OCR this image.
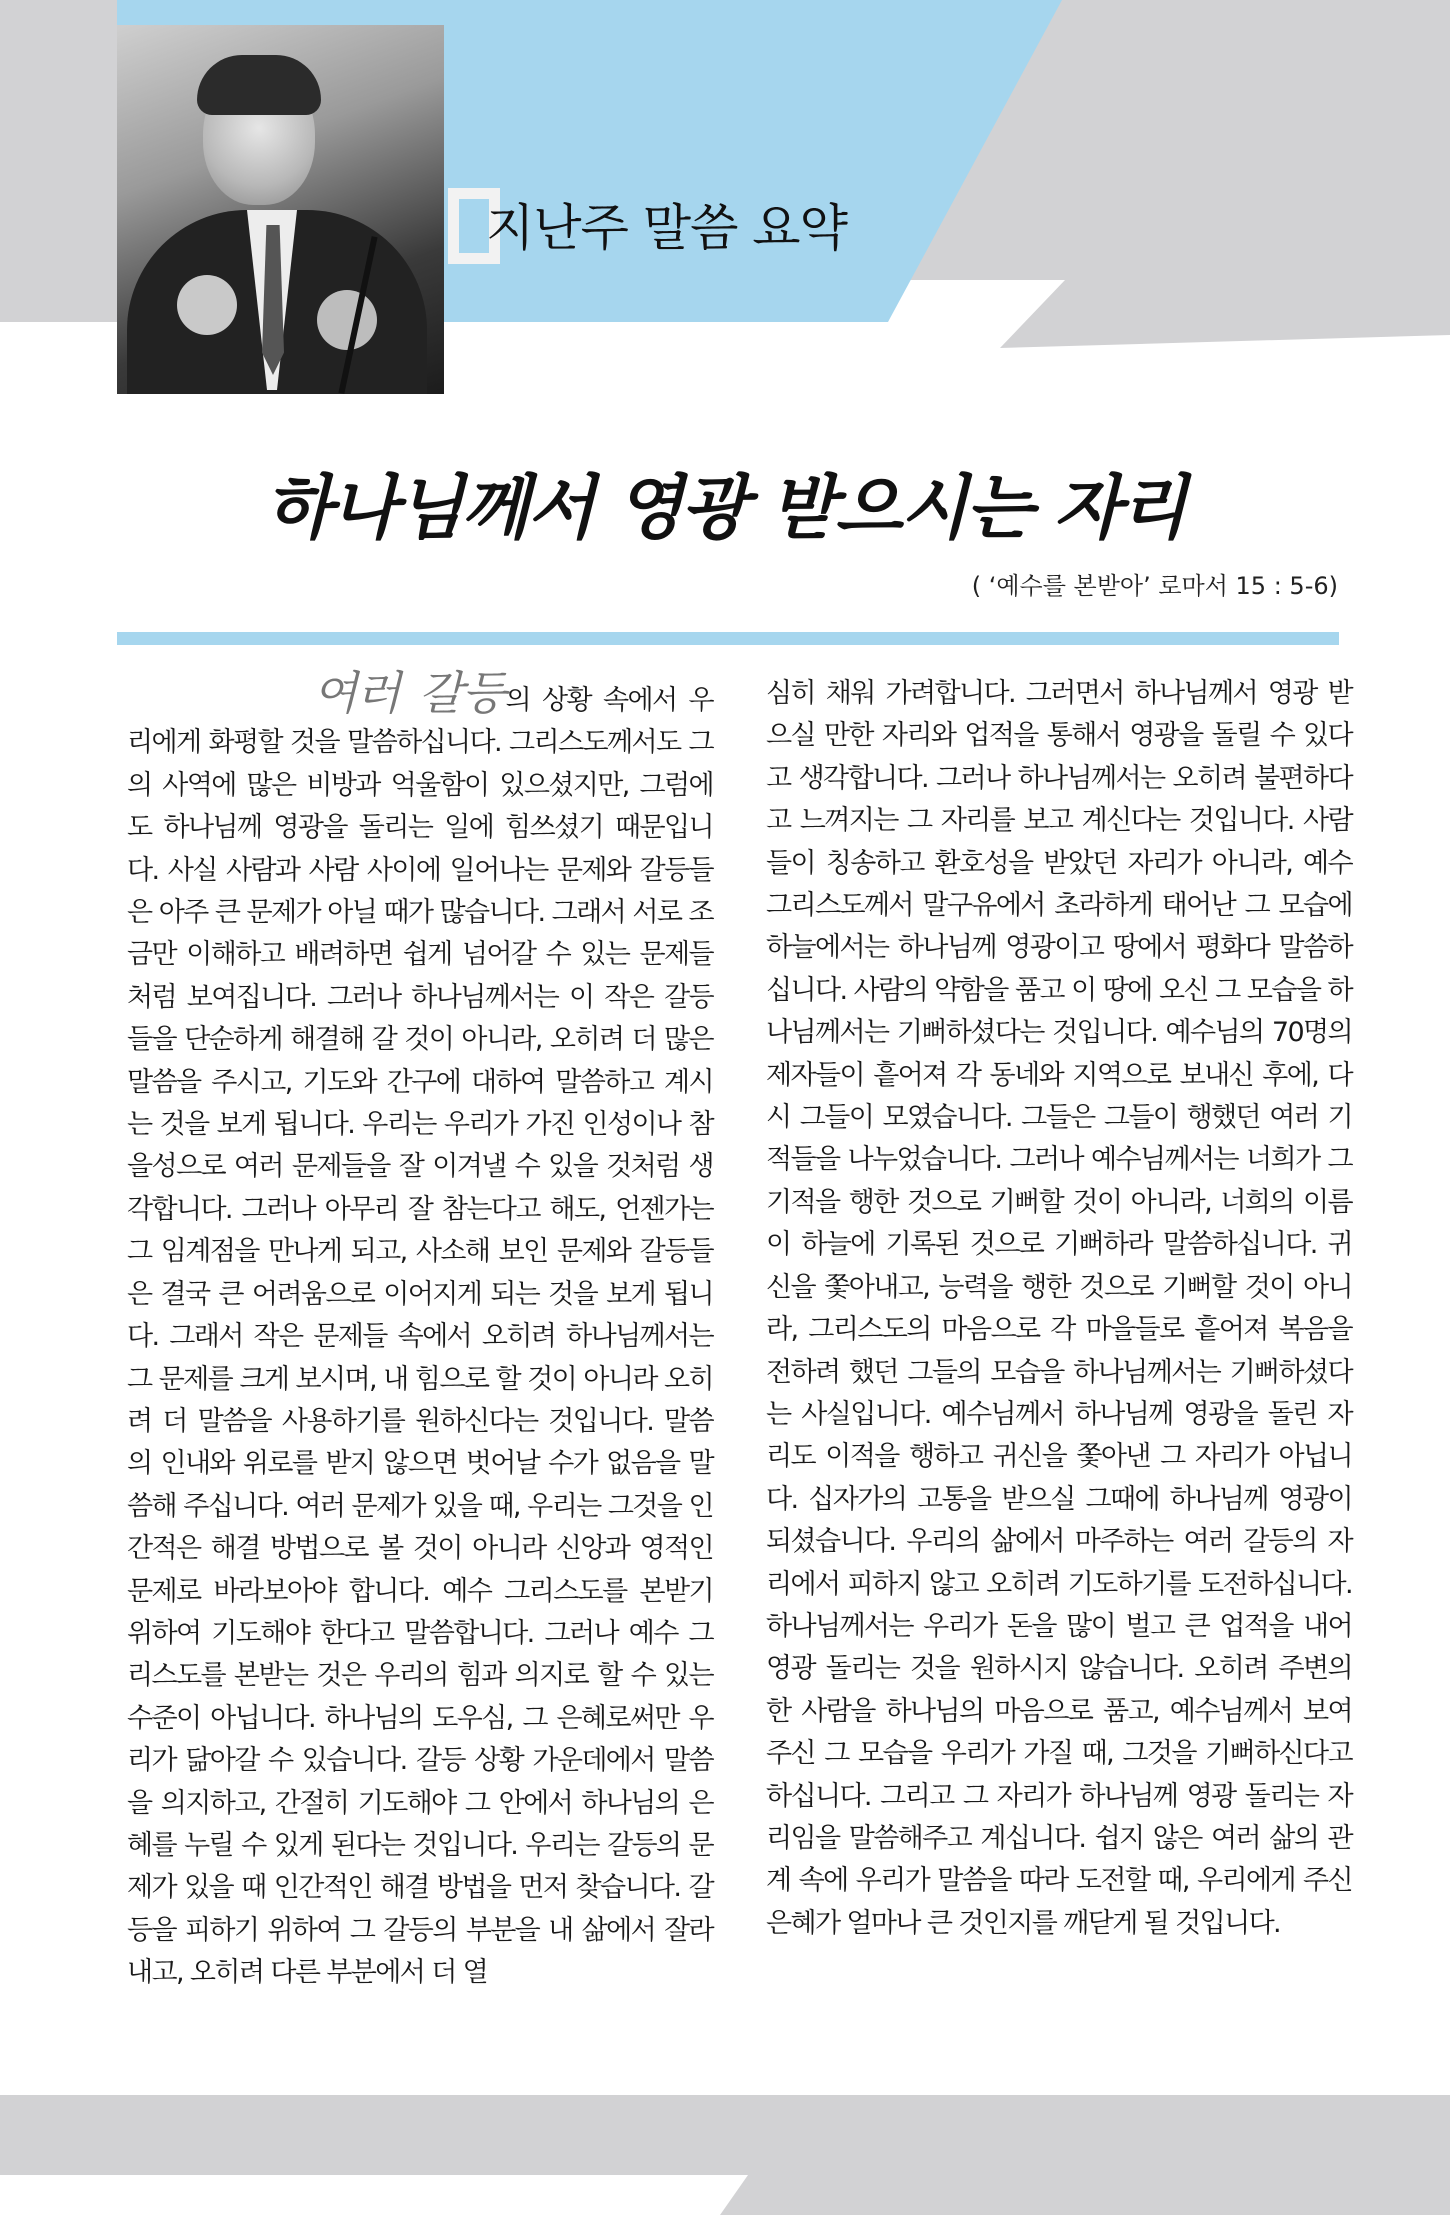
지난주 말씀 요약
하나님께서 영광 받으시는 자리
( ‘예수를 본받아’ 로마서 15 : 5-6)
여러 갈등의 상황 속에서 우리에게 화평할 것을 말씀하십니다. 그리스도께서도 그의 사역에 많은 비방과 억울함이 있으셨지만, 그럼에도 하나님께 영광을 돌리는 일에 힘쓰셨기 때문입니다. 사실 사람과 사람 사이에 일어나는 문제와 갈등들은 아주 큰 문제가 아닐 때가 많습니다. 그래서 서로 조금만 이해하고 배려하면 쉽게 넘어갈 수 있는 문제들처럼 보여집니다. 그러나 하나님께서는 이 작은 갈등들을 단순하게 해결해 갈 것이 아니라, 오히려 더 많은 말씀을 주시고, 기도와 간구에 대하여 말씀하고 계시는 것을 보게 됩니다. 우리는 우리가 가진 인성이나 참을성으로 여러 문제들을 잘 이겨낼 수 있을 것처럼 생각합니다. 그러나 아무리 잘 참는다고 해도, 언젠가는 그 임계점을 만나게 되고, 사소해 보인 문제와 갈등들은 결국 큰 어려움으로 이어지게 되는 것을 보게 됩니다. 그래서 작은 문제들 속에서 오히려 하나님께서는 그 문제를 크게 보시며, 내 힘으로 할 것이 아니라 오히려 더 말씀을 사용하기를 원하신다는 것입니다. 말씀의 인내와 위로를 받지 않으면 벗어날 수가 없음을 말씀해 주십니다. 여러 문제가 있을 때, 우리는 그것을 인간적은 해결 방법으로 볼 것이 아니라 신앙과 영적인 문제로 바라보아야 합니다. 예수 그리스도를 본받기 위하여 기도해야 한다고 말씀합니다. 그러나 예수 그리스도를 본받는 것은 우리의 힘과 의지로 할 수 있는 수준이 아닙니다. 하나님의 도우심, 그 은혜로써만 우리가 닮아갈 수 있습니다. 갈등 상황 가운데에서 말씀을 의지하고, 간절히 기도해야 그 안에서 하나님의 은혜를 누릴 수 있게 된다는 것입니다. 우리는 갈등의 문제가 있을 때 인간적인 해결 방법을 먼저 찾습니다. 갈등을 피하기 위하여 그 갈등의 부분을 내 삶에서 잘라내고, 오히려 다른 부분에서 더 열
심히 채워 가려합니다. 그러면서 하나님께서 영광 받으실 만한 자리와 업적을 통해서 영광을 돌릴 수 있다고 생각합니다. 그러나 하나님께서는 오히려 불편하다고 느껴지는 그 자리를 보고 계신다는 것입니다. 사람들이 칭송하고 환호성을 받았던 자리가 아니라, 예수 그리스도께서 말구유에서 초라하게 태어난 그 모습에 하늘에서는 하나님께 영광이고 땅에서 평화다 말씀하십니다. 사람의 약함을 품고 이 땅에 오신 그 모습을 하나님께서는 기뻐하셨다는 것입니다. 예수님의 70명의 제자들이 흩어져 각 동네와 지역으로 보내신 후에, 다시 그들이 모였습니다. 그들은 그들이 행했던 여러 기적들을 나누었습니다. 그러나 예수님께서는 너희가 그 기적을 행한 것으로 기뻐할 것이 아니라, 너희의 이름이 하늘에 기록된 것으로 기뻐하라 말씀하십니다. 귀신을 쫓아내고, 능력을 행한 것으로 기뻐할 것이 아니라, 그리스도의 마음으로 각 마을들로 흩어져 복음을 전하려 했던 그들의 모습을 하나님께서는 기뻐하셨다는 사실입니다. 예수님께서 하나님께 영광을 돌린 자리도 이적을 행하고 귀신을 쫓아낸 그 자리가 아닙니다. 십자가의 고통을 받으실 그때에 하나님께 영광이 되셨습니다. 우리의 삶에서 마주하는 여러 갈등의 자리에서 피하지 않고 오히려 기도하기를 도전하십니다. 하나님께서는 우리가 돈을 많이 벌고 큰 업적을 내어 영광 돌리는 것을 원하시지 않습니다. 오히려 주변의 한 사람을 하나님의 마음으로 품고, 예수님께서 보여주신 그 모습을 우리가 가질 때, 그것을 기뻐하신다고 하십니다. 그리고 그 자리가 하나님께 영광 돌리는 자리임을 말씀해주고 계십니다. 쉽지 않은 여러 삶의 관계 속에 우리가 말씀을 따라 도전할 때, 우리에게 주신 은혜가 얼마나 큰 것인지를 깨닫게 될 것입니다.
